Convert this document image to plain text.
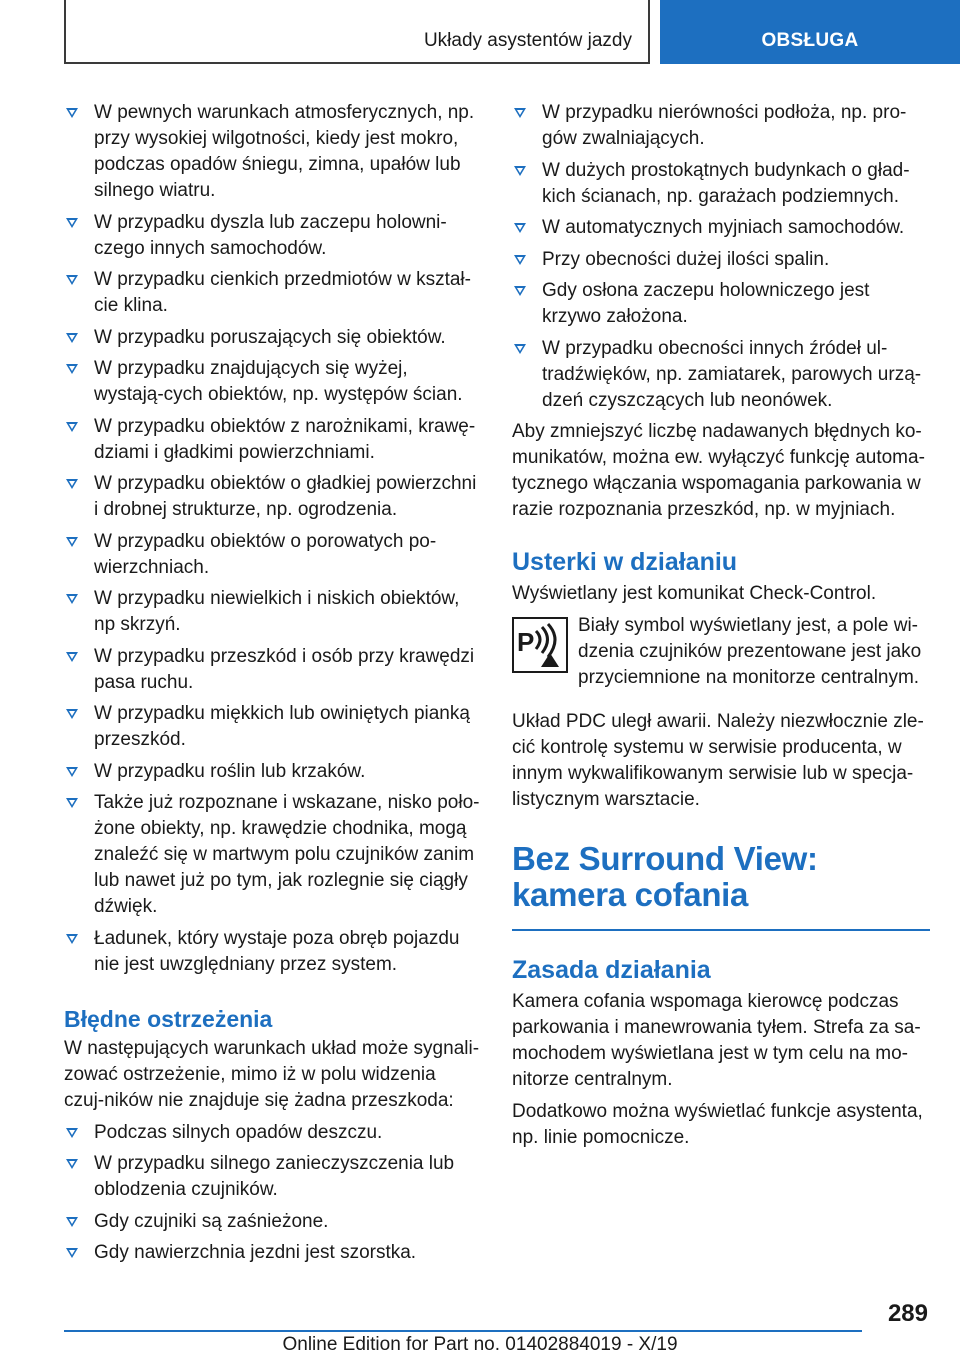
Układy asystentów jazdy	OBSŁUGA
W pewnych warunkach atmosferycznych, np. przy wysokiej wilgotności, kiedy jest mokro, podczas opadów śniegu, zimna, upałów lub silnego wiatru.
W przypadku dyszla lub zaczepu holowni-czego innych samochodów.
W przypadku cienkich przedmiotów w kształ-cie klina.
W przypadku poruszających się obiektów.
W przypadku znajdujących się wyżej, wystają-cych obiektów, np. występów ścian.
W przypadku obiektów z narożnikami, krawę-dziami i gładkimi powierzchniami.
W przypadku obiektów o gładkiej powierzchni i drobnej strukturze, np. ogrodzenia.
W przypadku obiektów o porowatych po-wierzchniach.
W przypadku niewielkich i niskich obiektów, np skrzyń.
W przypadku przeszkód i osób przy krawędzi pasa ruchu.
W przypadku miękkich lub owiniętych pianką przeszkód.
W przypadku roślin lub krzaków.
Także już rozpoznane i wskazane, nisko poło-żone obiekty, np. krawędzie chodnika, mogą znaleźć się w martwym polu czujników zanim lub nawet już po tym, jak rozlegnie się ciągły dźwięk.
Ładunek, który wystaje poza obręb pojazdu nie jest uwzględniany przez system.
Błędne ostrzeżenia

W następujących warunkach układ może sygnali-zować ostrzeżenie, mimo iż w polu widzenia czuj-ników nie znajduje się żadna przeszkoda:

Podczas silnych opadów deszczu.
W przypadku silnego zanieczyszczenia lub oblodzenia czujników.
Gdy czujniki są zaśnieżone.
Gdy nawierzchnia jezdni jest szorstka.
W przypadku nierówności podłoża, np. pro-gów zwalniających.
W dużych prostokątnych budynkach o gład-kich ścianach, np. garażach podziemnych.
W automatycznych myjniach samochodów.
Przy obecności dużej ilości spalin.
Gdy osłona zaczepu holowniczego jest krzywo założona.
W przypadku obecności innych źródeł ul-tradźwięków, np. zamiatarek, parowych urzą-dzeń czyszczących lub neonówek.

Aby zmniejszyć liczbę nadawanych błędnych ko-munikatów, można ew. wyłączyć funkcję automa-tycznego włączania wspomagania parkowania w razie rozpoznania przeszkód, np. w myjniach.

Usterki w działaniu

Wyświetlany jest komunikat Check-Control.

P

Biały symbol wyświetlany jest, a pole wi-dzenia czujników prezentowane jest jako przyciemnione na monitorze centralnym.

Układ PDC uległ awarii. Należy niezwłocznie zle-cić kontrolę systemu w serwisie producenta, w innym wykwalifikowanym serwisie lub w specja-listycznym warsztacie.

Bez Surround View: kamera cofania
Zasada działania

Kamera cofania wspomaga kierowcę podczas parkowania i manewrowania tyłem. Strefa za sa-mochodem wyświetlana jest w tym celu na mo-nitorze centralnym.

Dodatkowo można wyświetlać funkcje asystenta, np. linie pomocnicze.

289
Online Edition for Part no. 01402884019 - X/19
